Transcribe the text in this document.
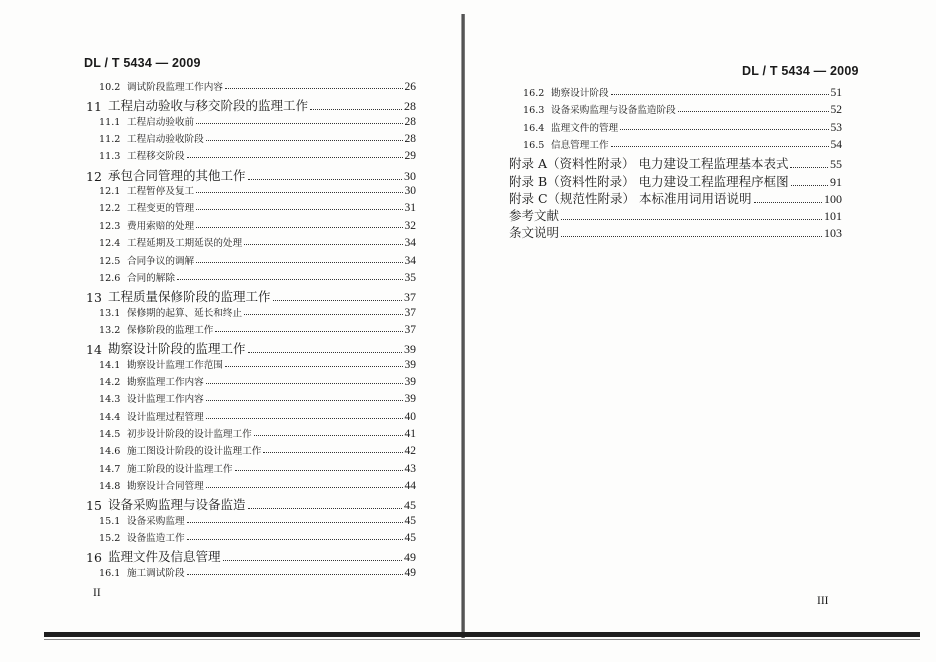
DL / T 5434 — 2009
10.2 调试阶段监理工作内容	26
11 工程启动验收与移交阶段的监理工作	28
11.1 工程启动验收前	28
11.2 工程启动验收阶段	28
11.3 工程移交阶段	29
12 承包合同管理的其他工作	30
12.1 工程暂停及复工	30
12.2 工程变更的管理	31
12.3 费用索赔的处理	32
12.4 工程延期及工期延误的处理	34
12.5 合同争议的调解	34
12.6 合同的解除	35
13 工程质量保修阶段的监理工作	37
13.1 保修期的起算、延长和终止	37
13.2 保修阶段的监理工作	37
14 勘察设计阶段的监理工作	39
14.1 勘察设计监理工作范围	39
14.2 勘察监理工作内容	39
14.3 设计监理工作内容	39
14.4 设计监理过程管理	40
14.5 初步设计阶段的设计监理工作	41
14.6 施工图设计阶段的设计监理工作	42
14.7 施工阶段的设计监理工作	43
14.8 勘察设计合同管理	44
15 设备采购监理与设备监造	45
15.1 设备采购监理	45
15.2 设备监造工作	45
16 监理文件及信息管理	49
16.1 施工调试阶段	49
II
16.2 勘察设计阶段	51
16.3 设备采购监理与设备监造阶段	52
16.4 监理文件的管理	53
16.5 信息管理工作	54
附录 A（资料性附录） 电力建设工程监理基本表式	55
附录 B（资料性附录） 电力建设工程监理程序框图	91
附录 C（规范性附录） 本标准用词用语说明	100
参考文献	101
条文说明	103
III
DL / T 5434 — 2009
